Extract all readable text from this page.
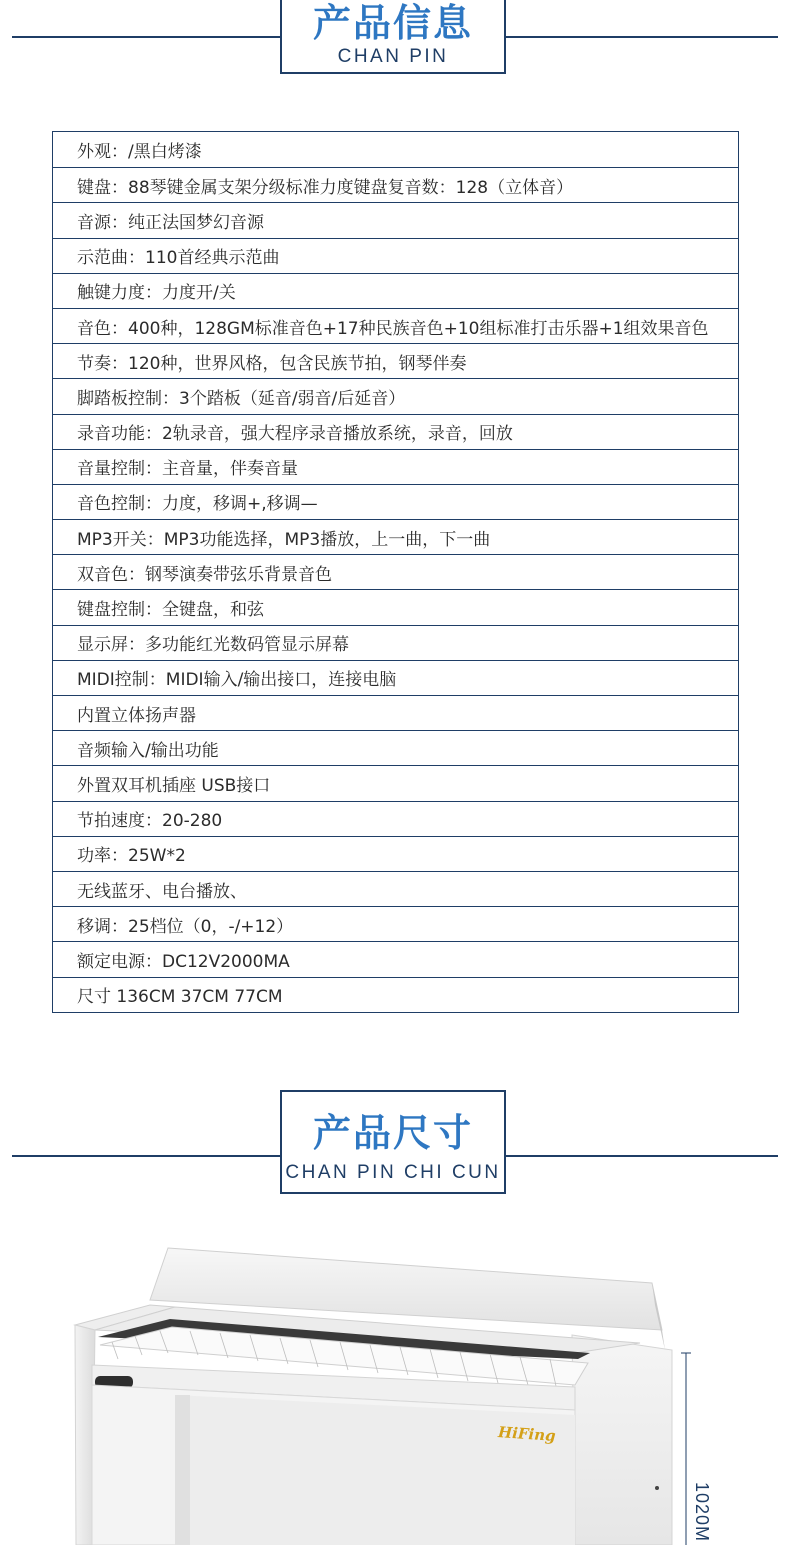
产品信息
CHAN PIN
外观：/黑白烤漆
键盘：88琴键金属支架分级标准力度键盘复音数：128（立体音）
音源：纯正法国梦幻音源
示范曲：110首经典示范曲
触键力度：力度开/关
音色：400种，128GM标准音色+17种民族音色+10组标准打击乐器+1组效果音色
节奏：120种，世界风格，包含民族节拍，钢琴伴奏
脚踏板控制：3个踏板（延音/弱音/后延音）
录音功能：2轨录音，强大程序录音播放系统，录音，回放
音量控制：主音量，伴奏音量
音色控制：力度，移调+,移调—
MP3开关：MP3功能选择，MP3播放，上一曲，下一曲
双音色：钢琴演奏带弦乐背景音色
键盘控制：全键盘，和弦
显示屏：多功能红光数码管显示屏幕
MIDI控制：MIDI输入/输出接口，连接电脑
内置立体扬声器
音频输入/输出功能
外置双耳机插座 USB接口
节拍速度：20-280
功率：25W*2
无线蓝牙、电台播放、
移调：25档位（0，-/+12）
额定电源：DC12V2000MA
尺寸 136CM 37CM 77CM
产品尺寸
CHAN PIN CHI CUN
HiFing
1020M
